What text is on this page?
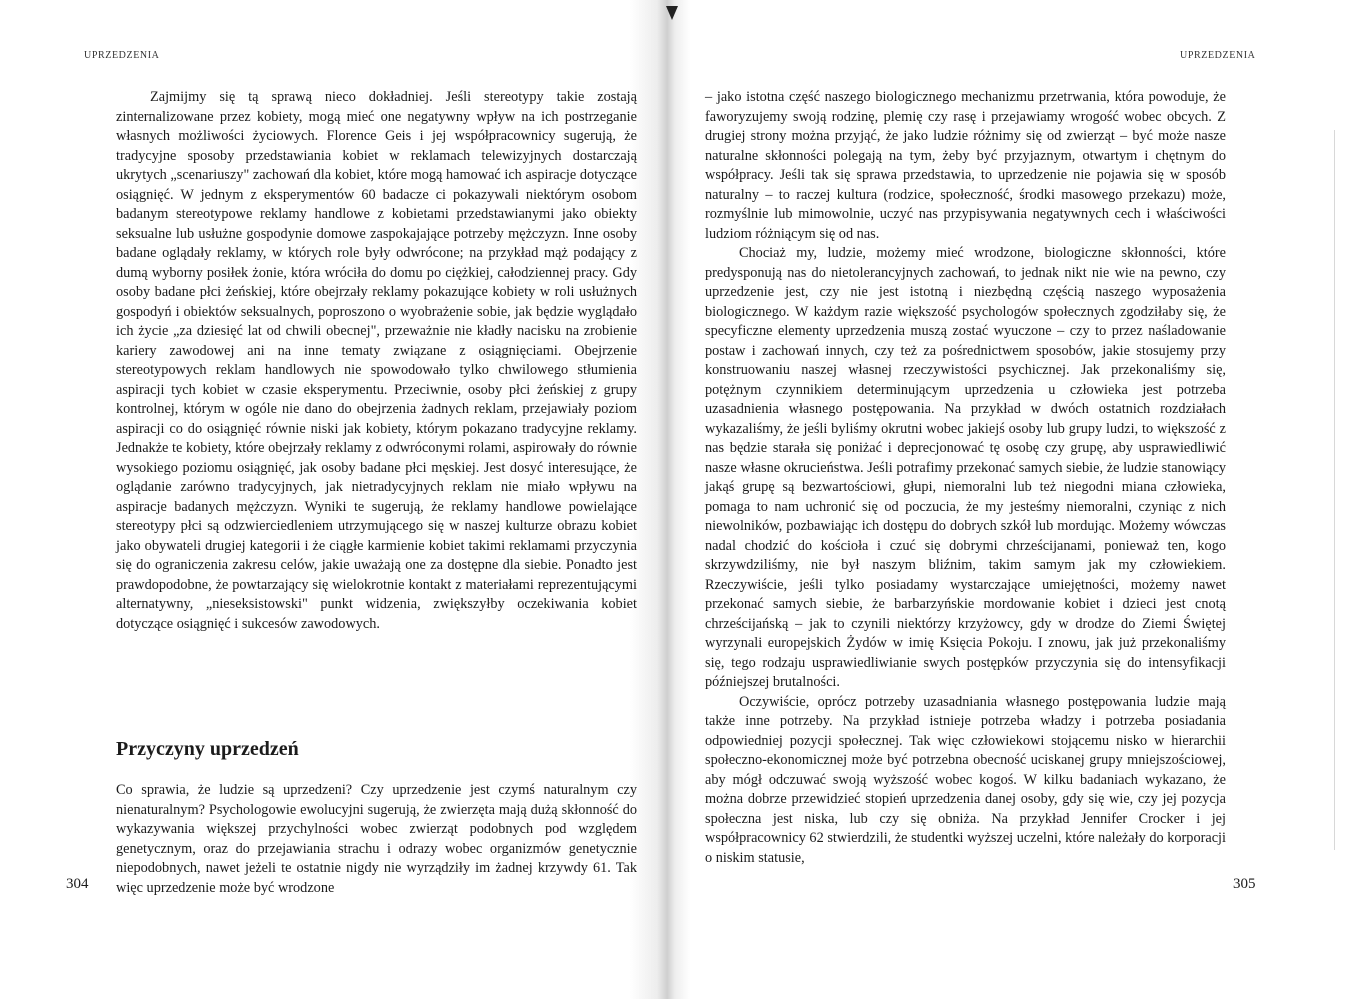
UPRZEDZENIA

Zajmijmy się tą sprawą nieco dokładniej. Jeśli stereotypy takie zostają zinternalizowane przez kobiety, mogą mieć one negatywny wpływ na ich postrzeganie własnych możliwości życiowych. Florence Geis i jej współpracownicy sugerują, że tradycyjne sposoby przedstawiania kobiet w reklamach telewizyjnych dostarczają ukrytych „scenariuszy" zachowań dla kobiet, które mogą hamować ich aspiracje dotyczące osiągnięć. W jednym z eksperymentów 60 badacze ci pokazywali niektórym osobom badanym stereotypowe reklamy handlowe z kobietami przedstawianymi jako obiekty seksualne lub usłużne gospodynie domowe zaspokajające potrzeby mężczyzn. Inne osoby badane oglądały reklamy, w których role były odwrócone; na przykład mąż podający z dumą wyborny posiłek żonie, która wróciła do domu po ciężkiej, całodziennej pracy. Gdy osoby badane płci żeńskiej, które obejrzały reklamy pokazujące kobiety w roli usłużnych gospodyń i obiektów seksualnych, poproszono o wyobrażenie sobie, jak będzie wyglądało ich życie „za dziesięć lat od chwili obecnej", przeważnie nie kładły nacisku na zrobienie kariery zawodowej ani na inne tematy związane z osiągnięciami. Obejrzenie stereotypowych reklam handlowych nie spowodowało tylko chwilowego stłumienia aspiracji tych kobiet w czasie eksperymentu. Przeciwnie, osoby płci żeńskiej z grupy kontrolnej, którym w ogóle nie dano do obejrzenia żadnych reklam, przejawiały poziom aspiracji co do osiągnięć równie niski jak kobiety, którym pokazano tradycyjne reklamy. Jednakże te kobiety, które obejrzały reklamy z odwróconymi rolami, aspirowały do równie wysokiego poziomu osiągnięć, jak osoby badane płci męskiej. Jest dosyć interesujące, że oglądanie zarówno tradycyjnych, jak nietradycyjnych reklam nie miało wpływu na aspiracje badanych mężczyzn. Wyniki te sugerują, że reklamy handlowe powielające stereotypy płci są odzwierciedleniem utrzymującego się w naszej kulturze obrazu kobiet jako obywateli drugiej kategorii i że ciągłe karmienie kobiet takimi reklamami przyczynia się do ograniczenia zakresu celów, jakie uważają one za dostępne dla siebie. Ponadto jest prawdopodobne, że powtarzający się wielokrotnie kontakt z materiałami reprezentującymi alternatywny, „nieseksistowski" punkt widzenia, zwiększyłby oczekiwania kobiet dotyczące osiągnięć i sukcesów zawodowych.

Przyczyny uprzedzeń

Co sprawia, że ludzie są uprzedzeni? Czy uprzedzenie jest czymś naturalnym czy nienaturalnym? Psychologowie ewolucyjni sugerują, że zwierzęta mają dużą skłonność do wykazywania większej przychylności wobec zwierząt podobnych pod względem genetycznym, oraz do przejawiania strachu i odrazy wobec organizmów genetycznie niepodobnych, nawet jeżeli te ostatnie nigdy nie wyrządziły im żadnej krzywdy 61. Tak więc uprzedzenie może być wrodzone

304
UPRZEDZENIA

– jako istotna część naszego biologicznego mechanizmu przetrwania, która powoduje, że faworyzujemy swoją rodzinę, plemię czy rasę i przejawiamy wrogość wobec obcych. Z drugiej strony można przyjąć, że jako ludzie różnimy się od zwierząt – być może nasze naturalne skłonności polegają na tym, żeby być przyjaznym, otwartym i chętnym do współpracy. Jeśli tak się sprawa przedstawia, to uprzedzenie nie pojawia się w sposób naturalny – to raczej kultura (rodzice, społeczność, środki masowego przekazu) może, rozmyślnie lub mimowolnie, uczyć nas przypisywania negatywnych cech i właściwości ludziom różniącym się od nas.

Chociaż my, ludzie, możemy mieć wrodzone, biologiczne skłonności, które predysponują nas do nietolerancyjnych zachowań, to jednak nikt nie wie na pewno, czy uprzedzenie jest, czy nie jest istotną i niezbędną częścią naszego wyposażenia biologicznego. W każdym razie większość psychologów społecznych zgodziłaby się, że specyficzne elementy uprzedzenia muszą zostać wyuczone – czy to przez naśladowanie postaw i zachowań innych, czy też za pośrednictwem sposobów, jakie stosujemy przy konstruowaniu naszej własnej rzeczywistości psychicznej. Jak przekonaliśmy się, potężnym czynnikiem determinującym uprzedzenia u człowieka jest potrzeba uzasadnienia własnego postępowania. Na przykład w dwóch ostatnich rozdziałach wykazaliśmy, że jeśli byliśmy okrutni wobec jakiejś osoby lub grupy ludzi, to większość z nas będzie starała się poniżać i deprecjonować tę osobę czy grupę, aby usprawiedliwić nasze własne okrucieństwa. Jeśli potrafimy przekonać samych siebie, że ludzie stanowiący jakąś grupę są bezwartościowi, głupi, niemoralni lub też niegodni miana człowieka, pomaga to nam uchronić się od poczucia, że my jesteśmy niemoralni, czyniąc z nich niewolników, pozbawiając ich dostępu do dobrych szkół lub mordując. Możemy wówczas nadal chodzić do kościoła i czuć się dobrymi chrześcijanami, ponieważ ten, kogo skrzywdziliśmy, nie był naszym bliźnim, takim samym jak my człowiekiem. Rzeczywiście, jeśli tylko posiadamy wystarczające umiejętności, możemy nawet przekonać samych siebie, że barbarzyńskie mordowanie kobiet i dzieci jest cnotą chrześcijańską – jak to czynili niektórzy krzyżowcy, gdy w drodze do Ziemi Świętej wyrzynali europejskich Żydów w imię Księcia Pokoju. I znowu, jak już przekonaliśmy się, tego rodzaju usprawiedliwianie swych postępków przyczynia się do intensyfikacji późniejszej brutalności.

Oczywiście, oprócz potrzeby uzasadniania własnego postępowania ludzie mają także inne potrzeby. Na przykład istnieje potrzeba władzy i potrzeba posiadania odpowiedniej pozycji społecznej. Tak więc człowiekowi stojącemu nisko w hierarchii społeczno-ekonomicznej może być potrzebna obecność uciskanej grupy mniejszościowej, aby mógł odczuwać swoją wyższość wobec kogoś. W kilku badaniach wykazano, że można dobrze przewidzieć stopień uprzedzenia danej osoby, gdy się wie, czy jej pozycja społeczna jest niska, lub czy się obniża. Na przykład Jennifer Crocker i jej współpracownicy 62 stwierdzili, że studentki wyższej uczelni, które należały do korporacji o niskim statusie,

305
